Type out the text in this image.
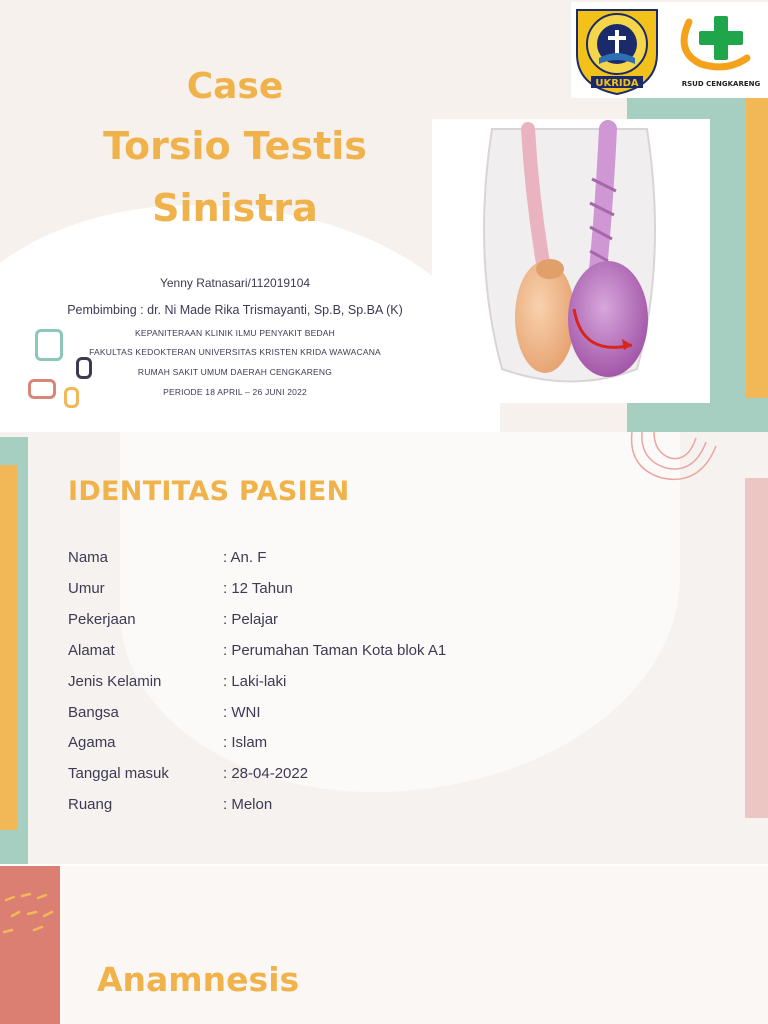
UKRIDA	RSUD CENGKARENG
Case
Torsio Testis
Sinistra
Yenny Ratnasari/112019104
Pembimbing : dr. Ni Made Rika Trismayanti, Sp.B, Sp.BA (K)
KEPANITERAAN KLINIK ILMU PENYAKIT BEDAH
FAKULTAS KEDOKTERAN UNIVERSITAS KRISTEN KRIDA WAWACANA
RUMAH SAKIT UMUM DAERAH CENGKARENG
PERIODE 18 APRIL – 26 JUNI 2022
IDENTITAS PASIEN
Nama	: An. F
Umur	: 12 Tahun
Pekerjaan	: Pelajar
Alamat	: Perumahan Taman Kota blok A1
Jenis Kelamin	: Laki-laki
Bangsa	: WNI
Agama	: Islam
Tanggal masuk	: 28-04-2022
Ruang	: Melon
Anamnesis
